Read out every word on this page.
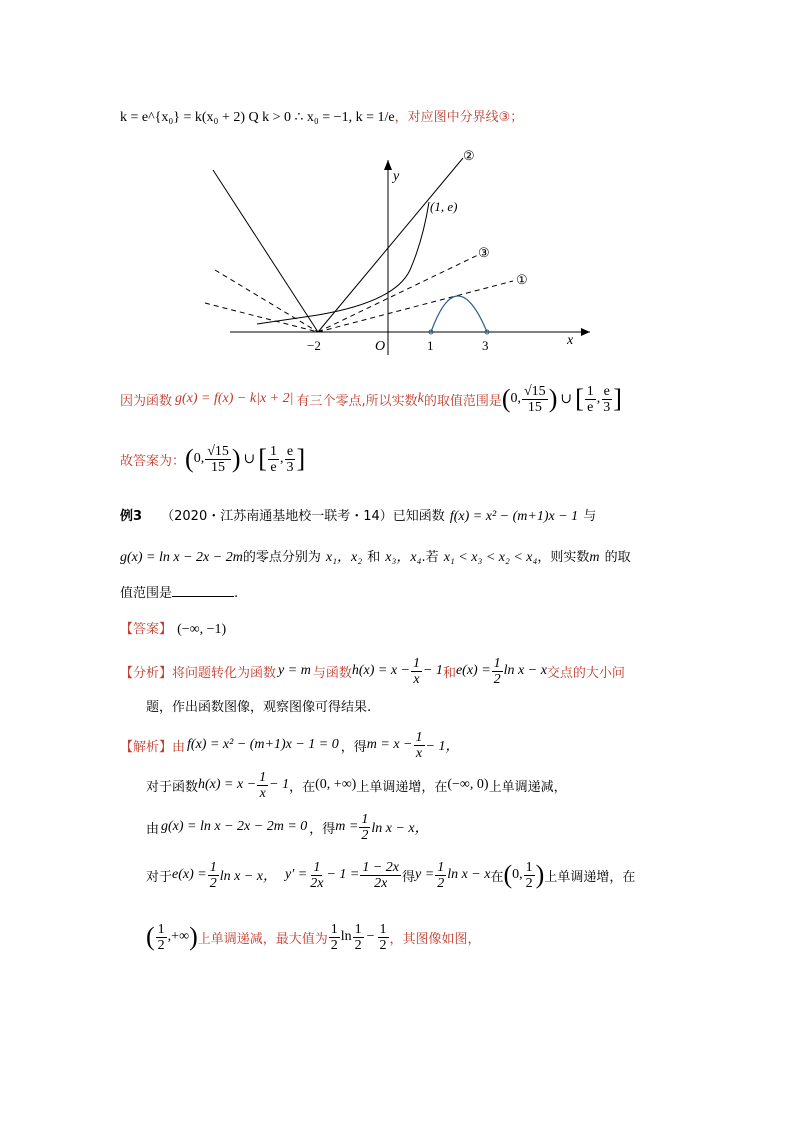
k = e^{x₀} = k(x₀ + 2) Q k > 0 ∴ x₀ = −1, k = 1/e，对应图中分界线③；
y
x
O
−2	1	3
(1, e)
②
③
①
因为函数 g(x) = f(x) − k|x + 2| 有三个零点,所以实数 k 的取值范围是 ( 0, $\frac{√15}{15}$ ) ∪ [ $\frac{1}{e}$ , $\frac{e}{3}$ ]
故答案为： ( 0, $\frac{√15}{15}$ ) ∪ [ $\frac{1}{e}$ , $\frac{e}{3}$ ]
例3 （2020・江苏南通基地校一联考・14）已知函数 f(x) = x² − (m+1)x − 1 与
g(x) = ln x − 2x − 2m的零点分别为 x₁，x₂ 和 x₃，x₄.若 x₁ < x₃ < x₂ < x₄，则实数m 的取
值范围是	.
【答案】 (−∞, −1)
【分析】 将问题转化为函数 y = m 与函数 $h(x) = x - \frac{1}{x} - 1$ 和 $e(x) = \frac{1}{2}$ ln x − x 交点的大小问
题，作出函数图像，观察图像可得结果.
【解析】 由 f(x) = x² − (m+1)x − 1 = 0 ，得 $m = x - \frac{1}{x} - 1$，
对于函数 $h(x) = x - \frac{1}{x} - 1$ ，在 (0, +∞) 上单调递增，在 (−∞, 0) 上单调递减，
由 g(x) = ln x − 2x − 2m = 0 ，得 $m = \frac{1}{2}$ ln x − x，
对于 $e(x) = \frac{1}{2}$ ln x − x， $y' = \frac{1}{2x} - 1 = \frac{1 - 2x}{2x}$ 得 $y = \frac{1}{2}$ ln x − x 在 ( 0, $\frac{1}{2}$ ) 上单调递增，在
( $\frac{1}{2}$ ,+∞ ) 上单调递减，最大值为 $\frac{1}{2}$ $\ln \frac{1}{2} - \frac{1}{2}$ ，其图像如图，
